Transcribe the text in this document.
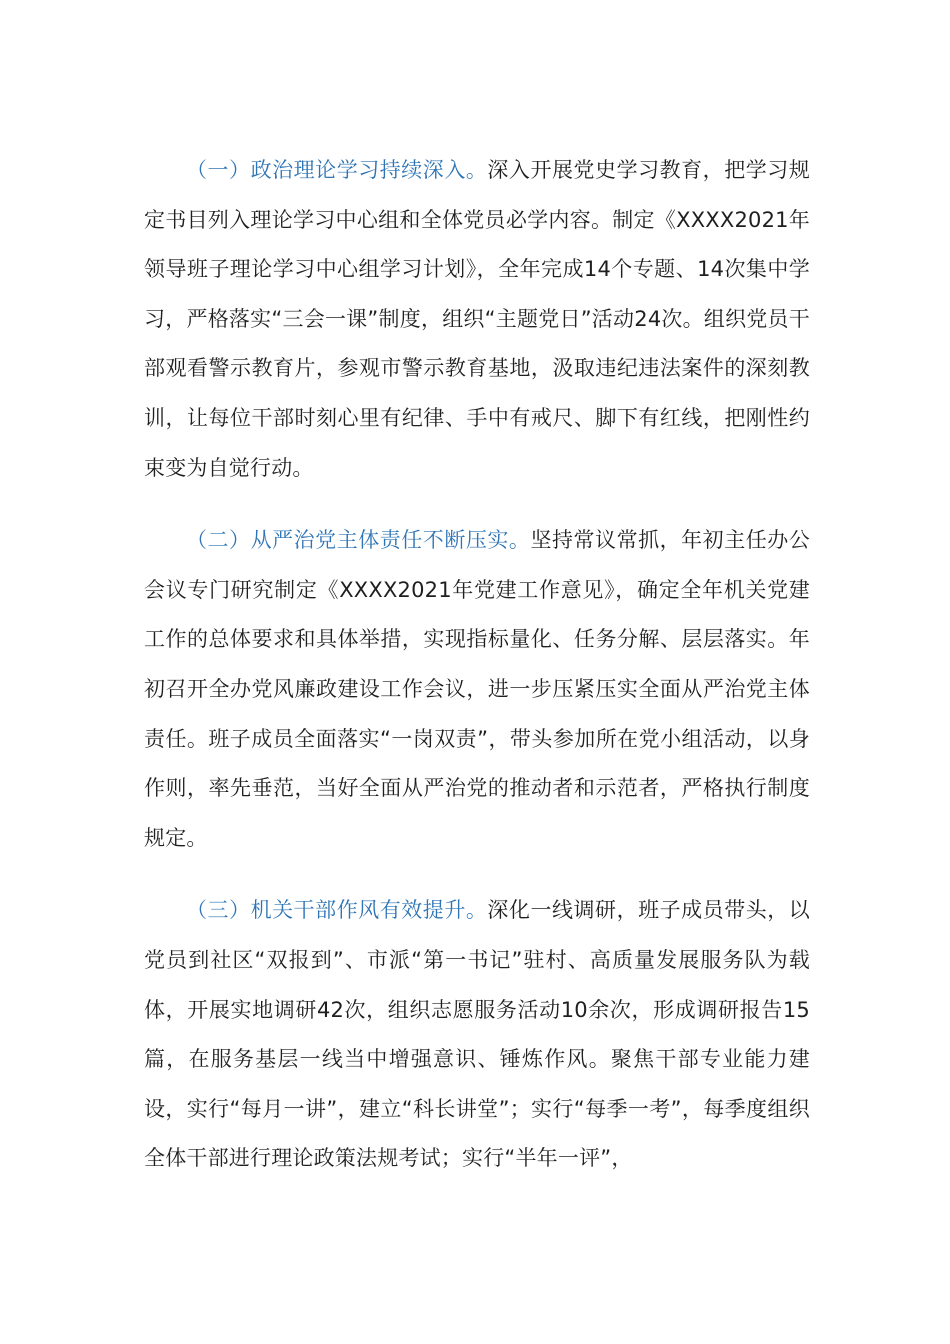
（一）政治理论学习持续深入。深入开展党史学习教育，把学习规定书目列入理论学习中心组和全体党员必学内容。制定《XXXX2021年领导班子理论学习中心组学习计划》，全年完成14个专题、14次集中学习，严格落实“三会一课”制度，组织“主题党日”活动24次。组织党员干部观看警示教育片，参观市警示教育基地，汲取违纪违法案件的深刻教训，让每位干部时刻心里有纪律、手中有戒尺、脚下有红线，把刚性约束变为自觉行动。

（二）从严治党主体责任不断压实。坚持常议常抓，年初主任办公会议专门研究制定《XXXX2021年党建工作意见》，确定全年机关党建工作的总体要求和具体举措，实现指标量化、任务分解、层层落实。年初召开全办党风廉政建设工作会议，进一步压紧压实全面从严治党主体责任。班子成员全面落实“一岗双责”，带头参加所在党小组活动，以身作则，率先垂范，当好全面从严治党的推动者和示范者，严格执行制度规定。

（三）机关干部作风有效提升。深化一线调研，班子成员带头，以党员到社区“双报到”、市派“第一书记”驻村、高质量发展服务队为载体，开展实地调研42次，组织志愿服务活动10余次，形成调研报告15篇，在服务基层一线当中增强意识、锤炼作风。聚焦干部专业能力建设，实行“每月一讲”，建立“科长讲堂”；实行“每季一考”，每季度组织全体干部进行理论政策法规考试；实行“半年一评”，
